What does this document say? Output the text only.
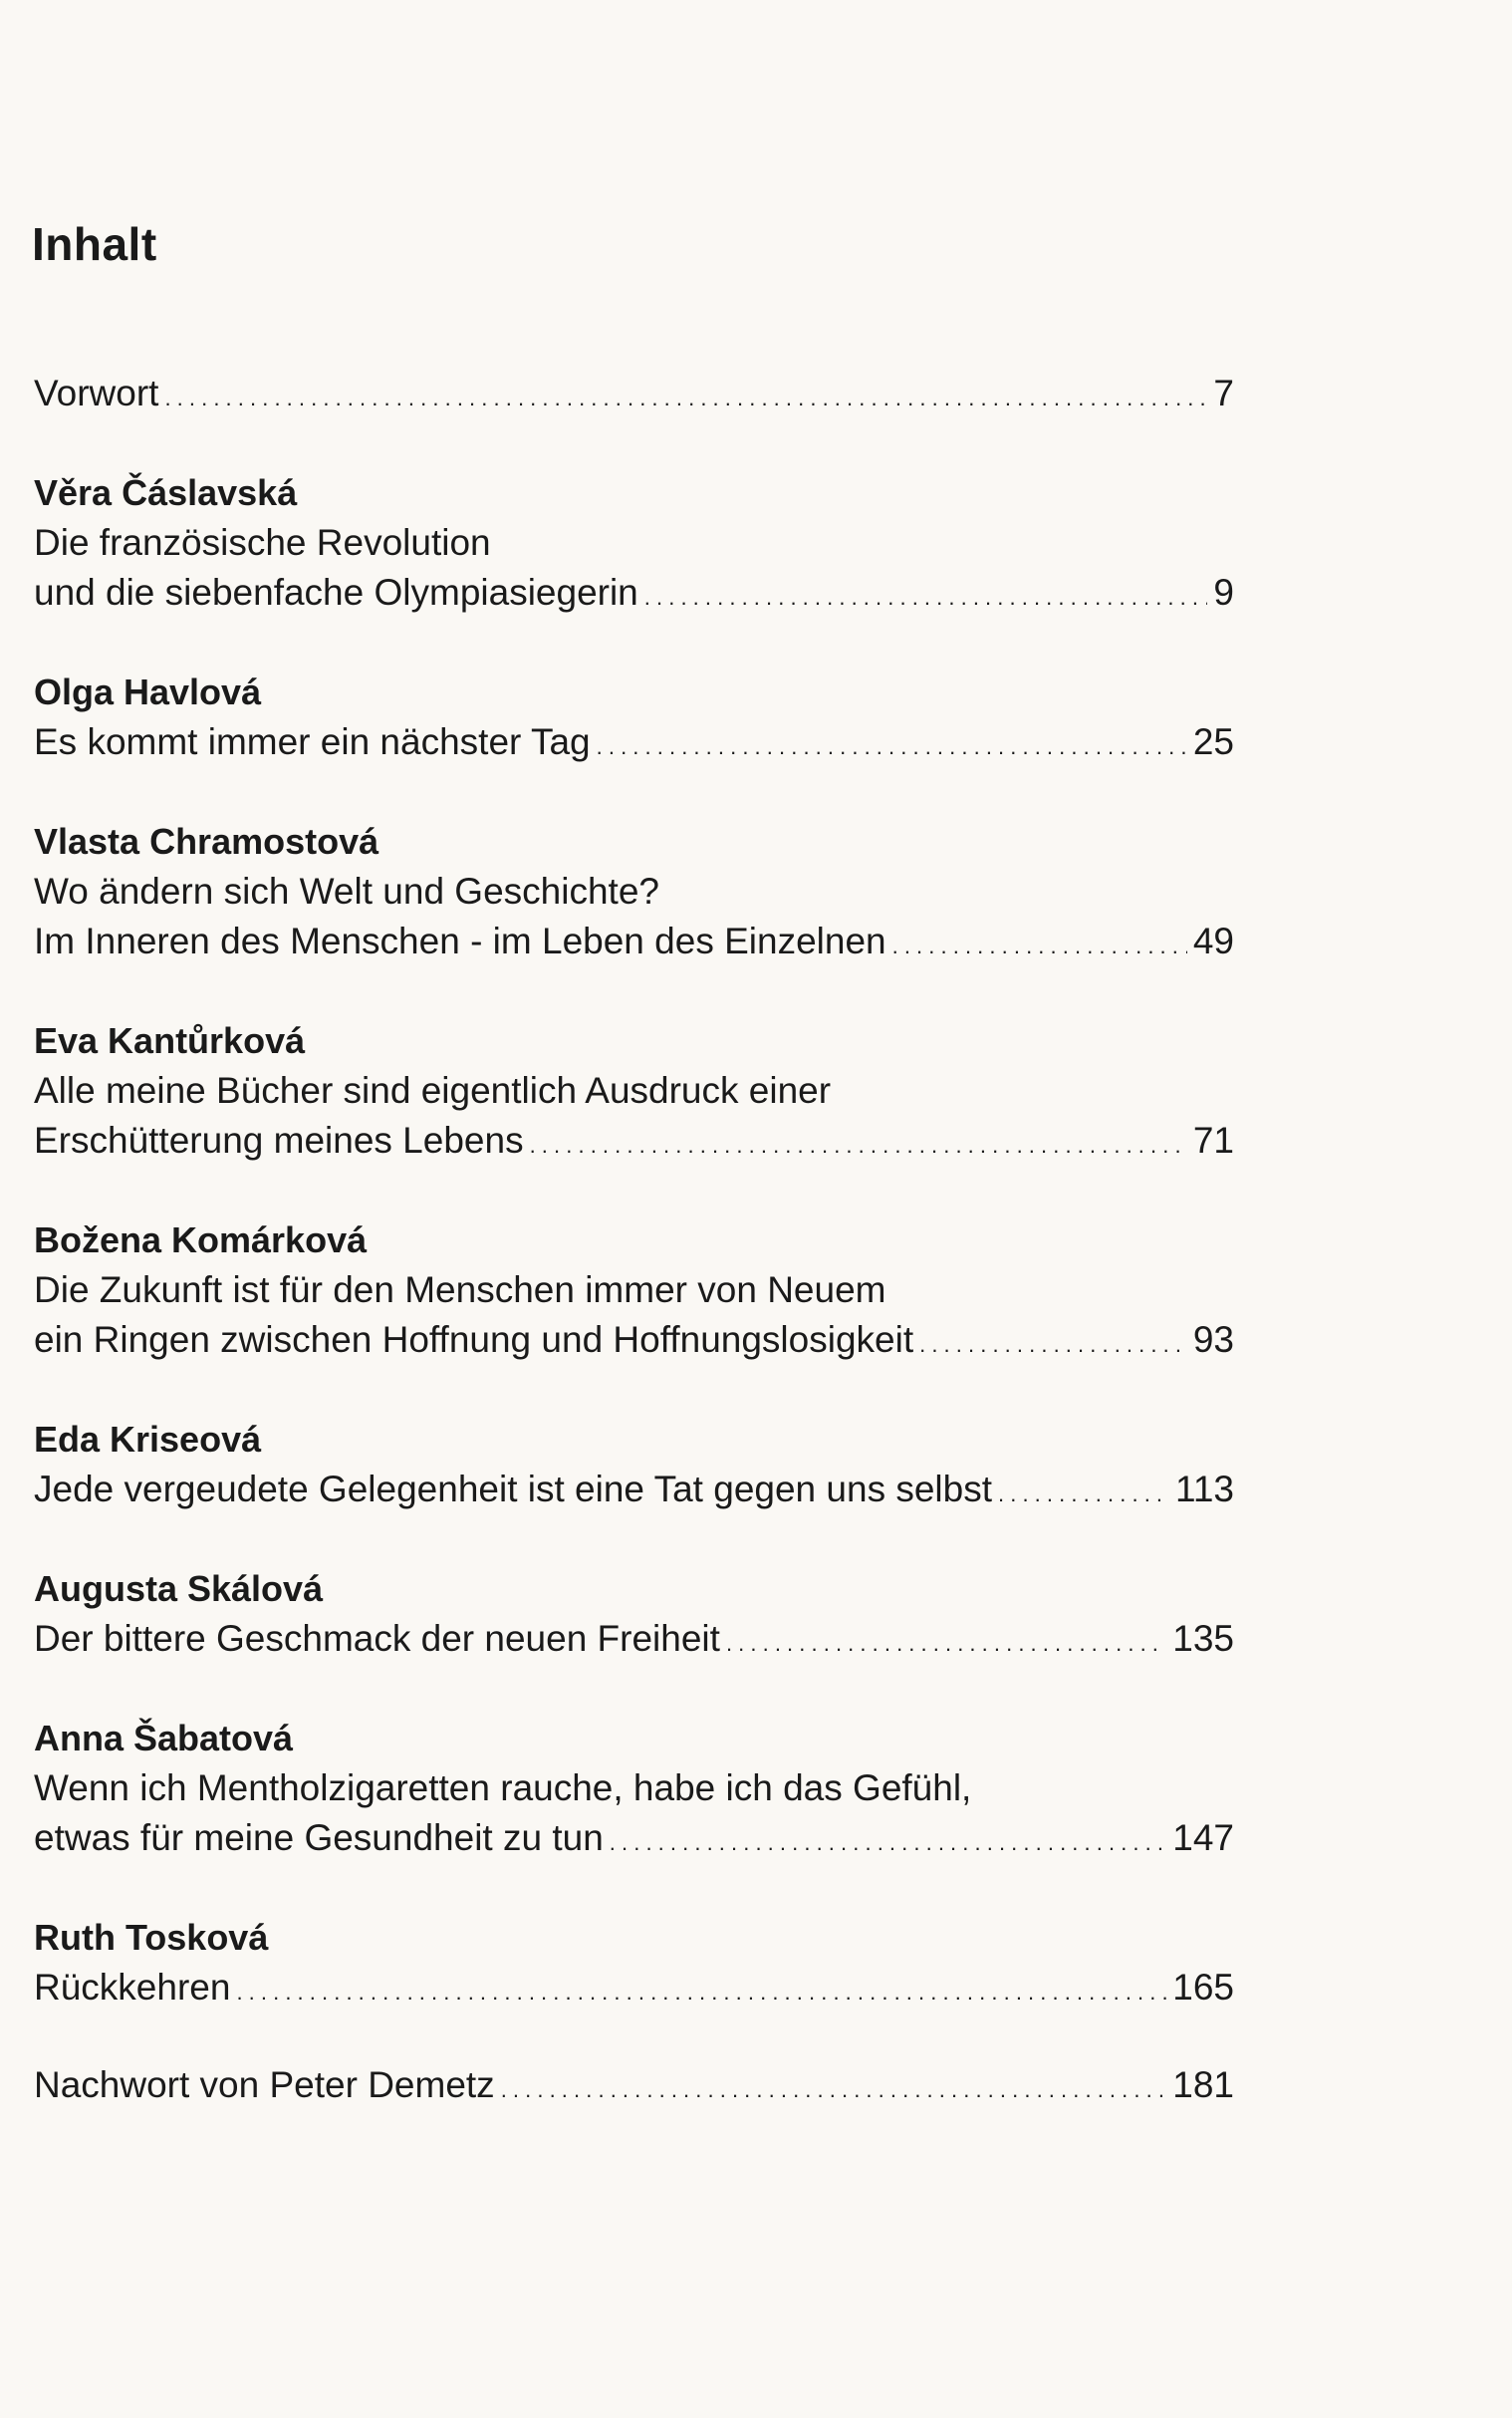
Inhalt
Vorwort . . .	7
Věra Čáslavská
Die französische Revolution
und die siebenfache Olympiasiegerin . . .	9
Olga Havlová
Es kommt immer ein nächster Tag . . .	25
Vlasta Chramostová
Wo ändern sich Welt und Geschichte?
Im Inneren des Menschen - im Leben des Einzelnen . . .	49
Eva Kantůrková
Alle meine Bücher sind eigentlich Ausdruck einer
Erschütterung meines Lebens . . .	71
Božena Komárková
Die Zukunft ist für den Menschen immer von Neuem
ein Ringen zwischen Hoffnung und Hoffnungslosigkeit . . .	93
Eda Kriseová
Jede vergeudete Gelegenheit ist eine Tat gegen uns selbst . . .	113
Augusta Skálová
Der bittere Geschmack der neuen Freiheit . . .	135
Anna Šabatová
Wenn ich Mentholzigaretten rauche, habe ich das Gefühl,
etwas für meine Gesundheit zu tun . . .	147
Ruth Tosková
Rückkehren . . .	165
Nachwort von Peter Demetz . . .	181
